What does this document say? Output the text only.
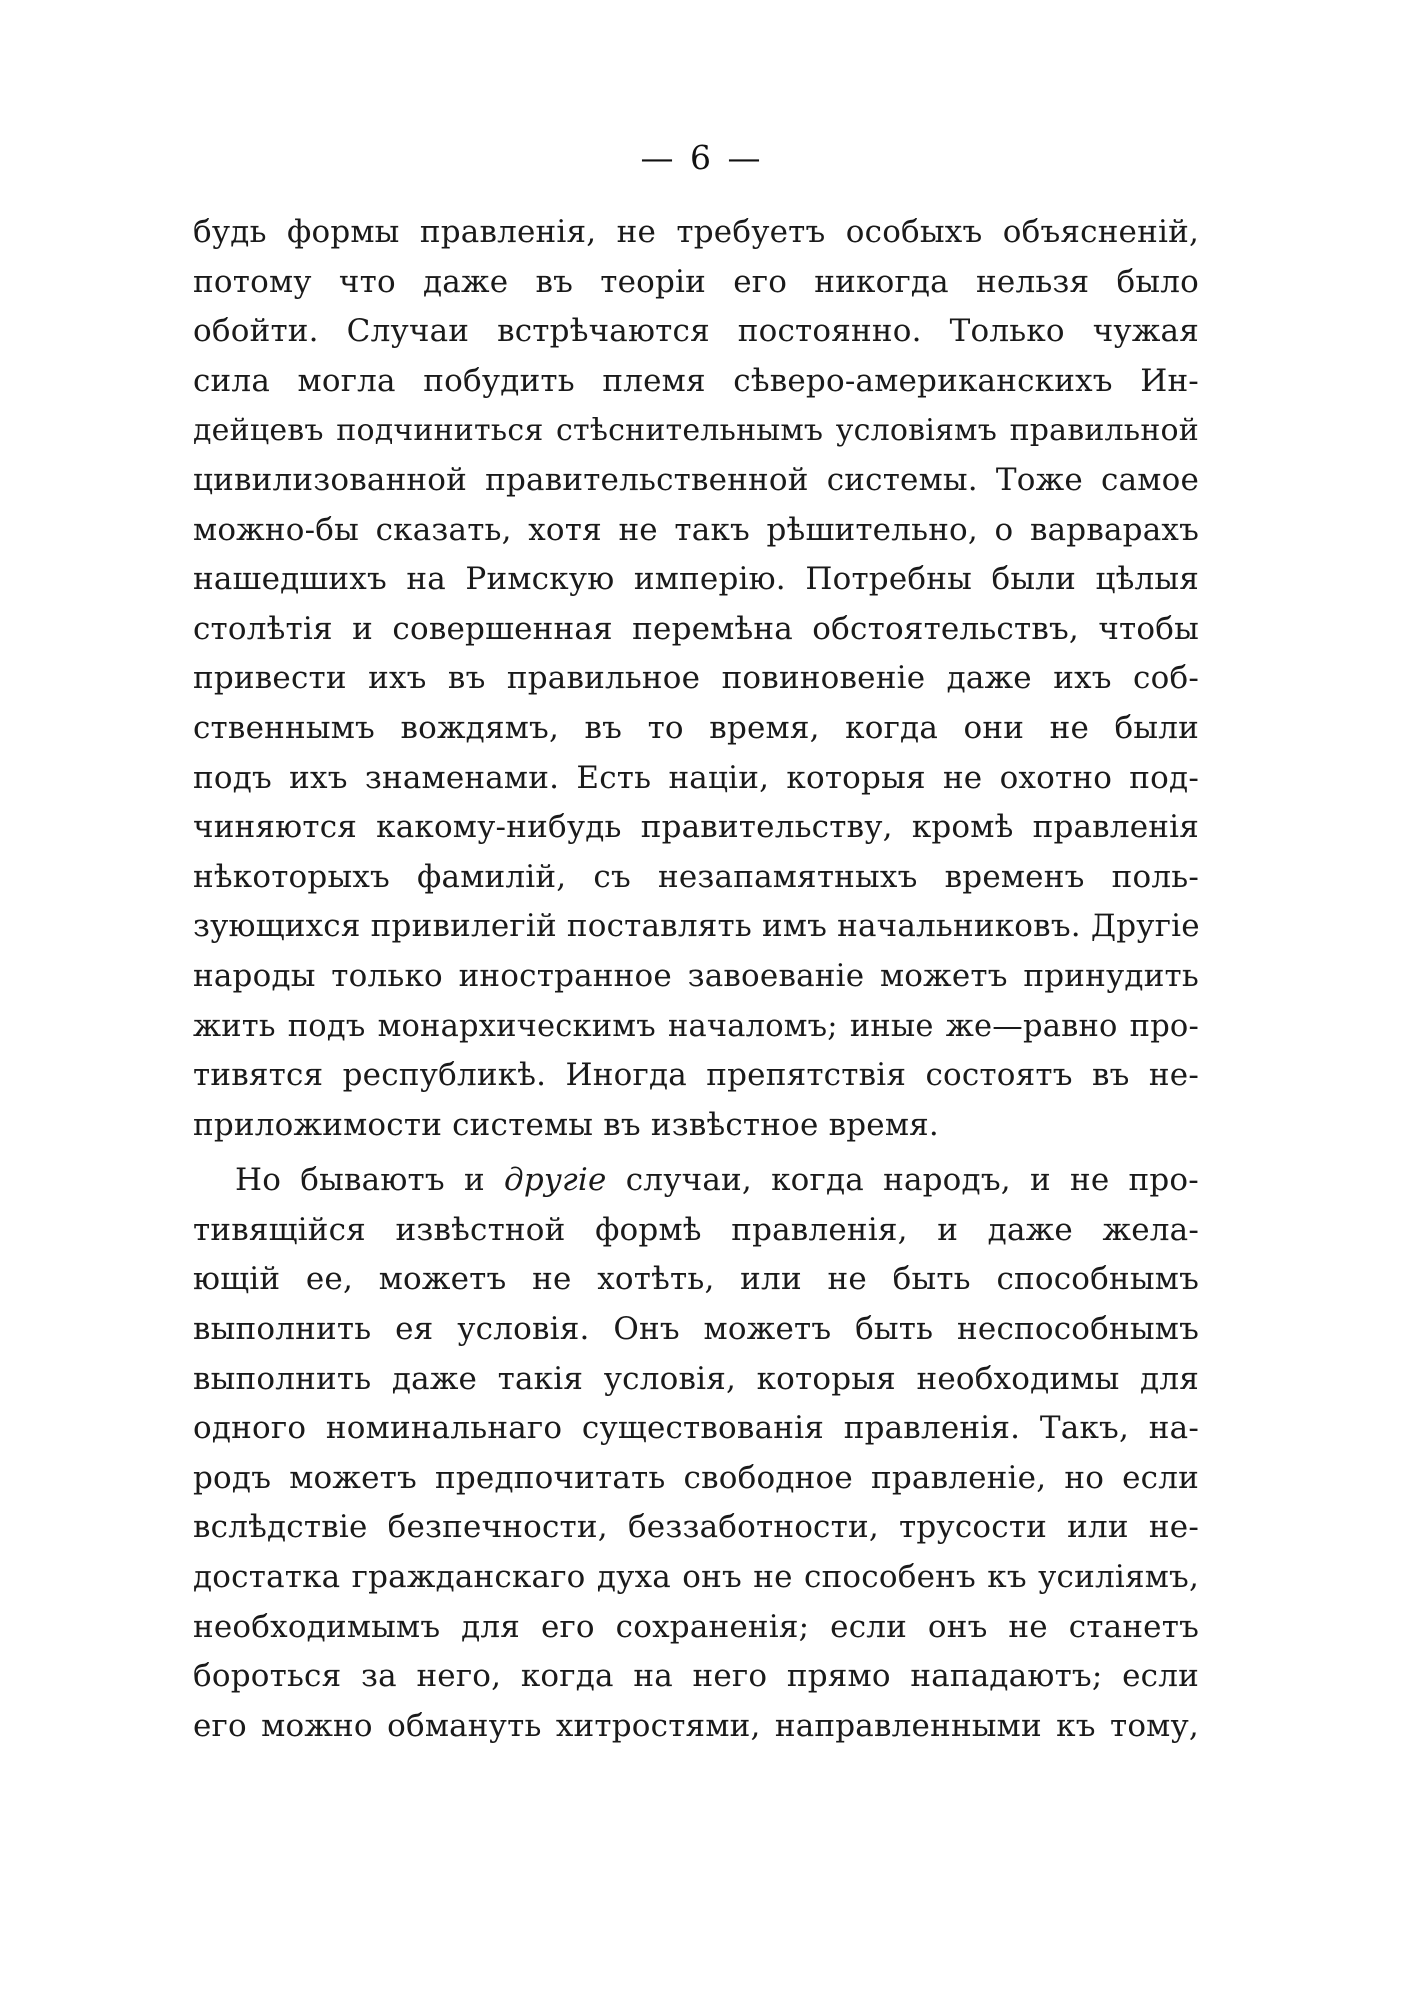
— 6 —
будь формы правленія, не требуетъ особыхъ объясненій,
потому что даже въ теоріи его никогда нельзя было
обойти. Случаи встрѣчаются постоянно. Только чужая
сила могла побудить племя сѣверо-американскихъ Ин-
дейцевъ подчиниться стѣснительнымъ условіямъ правильной
цивилизованной правительственной системы. Тоже самое
можно-бы сказать, хотя не такъ рѣшительно, о варварахъ
нашедшихъ на Римскую имперію. Потребны были цѣлыя
столѣтія и совершенная перемѣна обстоятельствъ, чтобы
привести ихъ въ правильное повиновеніе даже ихъ соб-
ственнымъ вождямъ, въ то время, когда они не были
подъ ихъ знаменами. Есть націи, которыя не охотно под-
чиняются какому-нибудь правительству, кромѣ правленія
нѣкоторыхъ фамилій, съ незапамятныхъ временъ поль-
зующихся привилегій поставлять имъ начальниковъ. Другіе
народы только иностранное завоеваніе можетъ принудить
жить подъ монархическимъ началомъ; иные же—равно про-
тивятся республикѣ. Иногда препятствія состоятъ въ не-
приложимости системы въ извѣстное время.
Но бываютъ и другіе случаи, когда народъ, и не про-
тивящійся извѣстной формѣ правленія, и даже жела-
ющій ее, можетъ не хотѣть, или не быть способнымъ
выполнить ея условія. Онъ можетъ быть неспособнымъ
выполнить даже такія условія, которыя необходимы для
одного номинальнаго существованія правленія. Такъ, на-
родъ можетъ предпочитать свободное правленіе, но если
вслѣдствіе безпечности, беззаботности, трусости или не-
достатка гражданскаго духа онъ не способенъ къ усиліямъ,
необходимымъ для его сохраненія; если онъ не станетъ
бороться за него, когда на него прямо нападаютъ; если
его можно обмануть хитростями, направленными къ тому,
